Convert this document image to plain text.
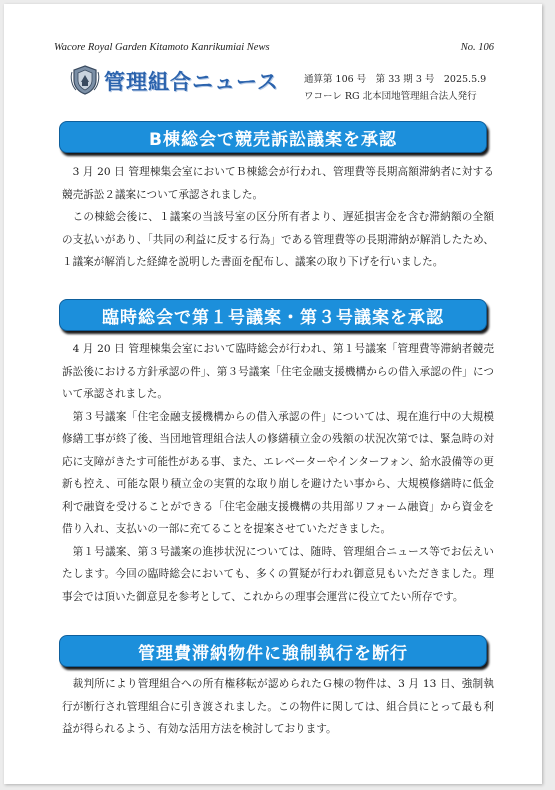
Wacore Royal Garden Kitamoto Kanrikumiai News	No. 106
管理組合ニュース	通算第 106 号　第 33 期 3 号　2025.5.9
ワコーレ RG 北本団地管理組合法人発行
B棟総会で競売訴訟議案を承認

3 月 20 日 管理棟集会室においてＢ棟総会が行われ、管理費等長期高額滞納者に対する競売訴訟２議案について承認されました。

この棟総会後に、１議案の当該号室の区分所有者より、遅延損害金を含む滞納額の全額の支払いがあり、「共同の利益に反する行為」である管理費等の長期滞納が解消したため、１議案が解消した経緯を説明した書面を配布し、議案の取り下げを行いました。

臨時総会で第１号議案・第３号議案を承認

4 月 20 日 管理棟集会室において臨時総会が行われ、第１号議案「管理費等滞納者競売訴訟後における方針承認の件」、第３号議案「住宅金融支援機構からの借入承認の件」について承認されました。

第３号議案「住宅金融支援機構からの借入承認の件」については、現在進行中の大規模修繕工事が終了後、当団地管理組合法人の修繕積立金の残額の状況次第では、緊急時の対応に支障がきたす可能性がある事、また、エレベーターやインターフォン、給水設備等の更新も控え、可能な限り積立金の実質的な取り崩しを避けたい事から、大規模修繕時に低金利で融資を受けることができる「住宅金融支援機構の共用部リフォーム融資」から資金を借り入れ、支払いの一部に充てることを提案させていただきました。

第１号議案、第３号議案の進捗状況については、随時、管理組合ニュース等でお伝えいたします。今回の臨時総会においても、多くの質疑が行われ御意見もいただきました。理事会では頂いた御意見を参考として、これからの理事会運営に役立てたい所存です。

管理費滞納物件に強制執行を断行

裁判所により管理組合への所有権移転が認められたＧ棟の物件は、3 月 13 日、強制執行が断行され管理組合に引き渡されました。この物件に関しては、組合員にとって最も利益が得られるよう、有効な活用方法を検討しております。
